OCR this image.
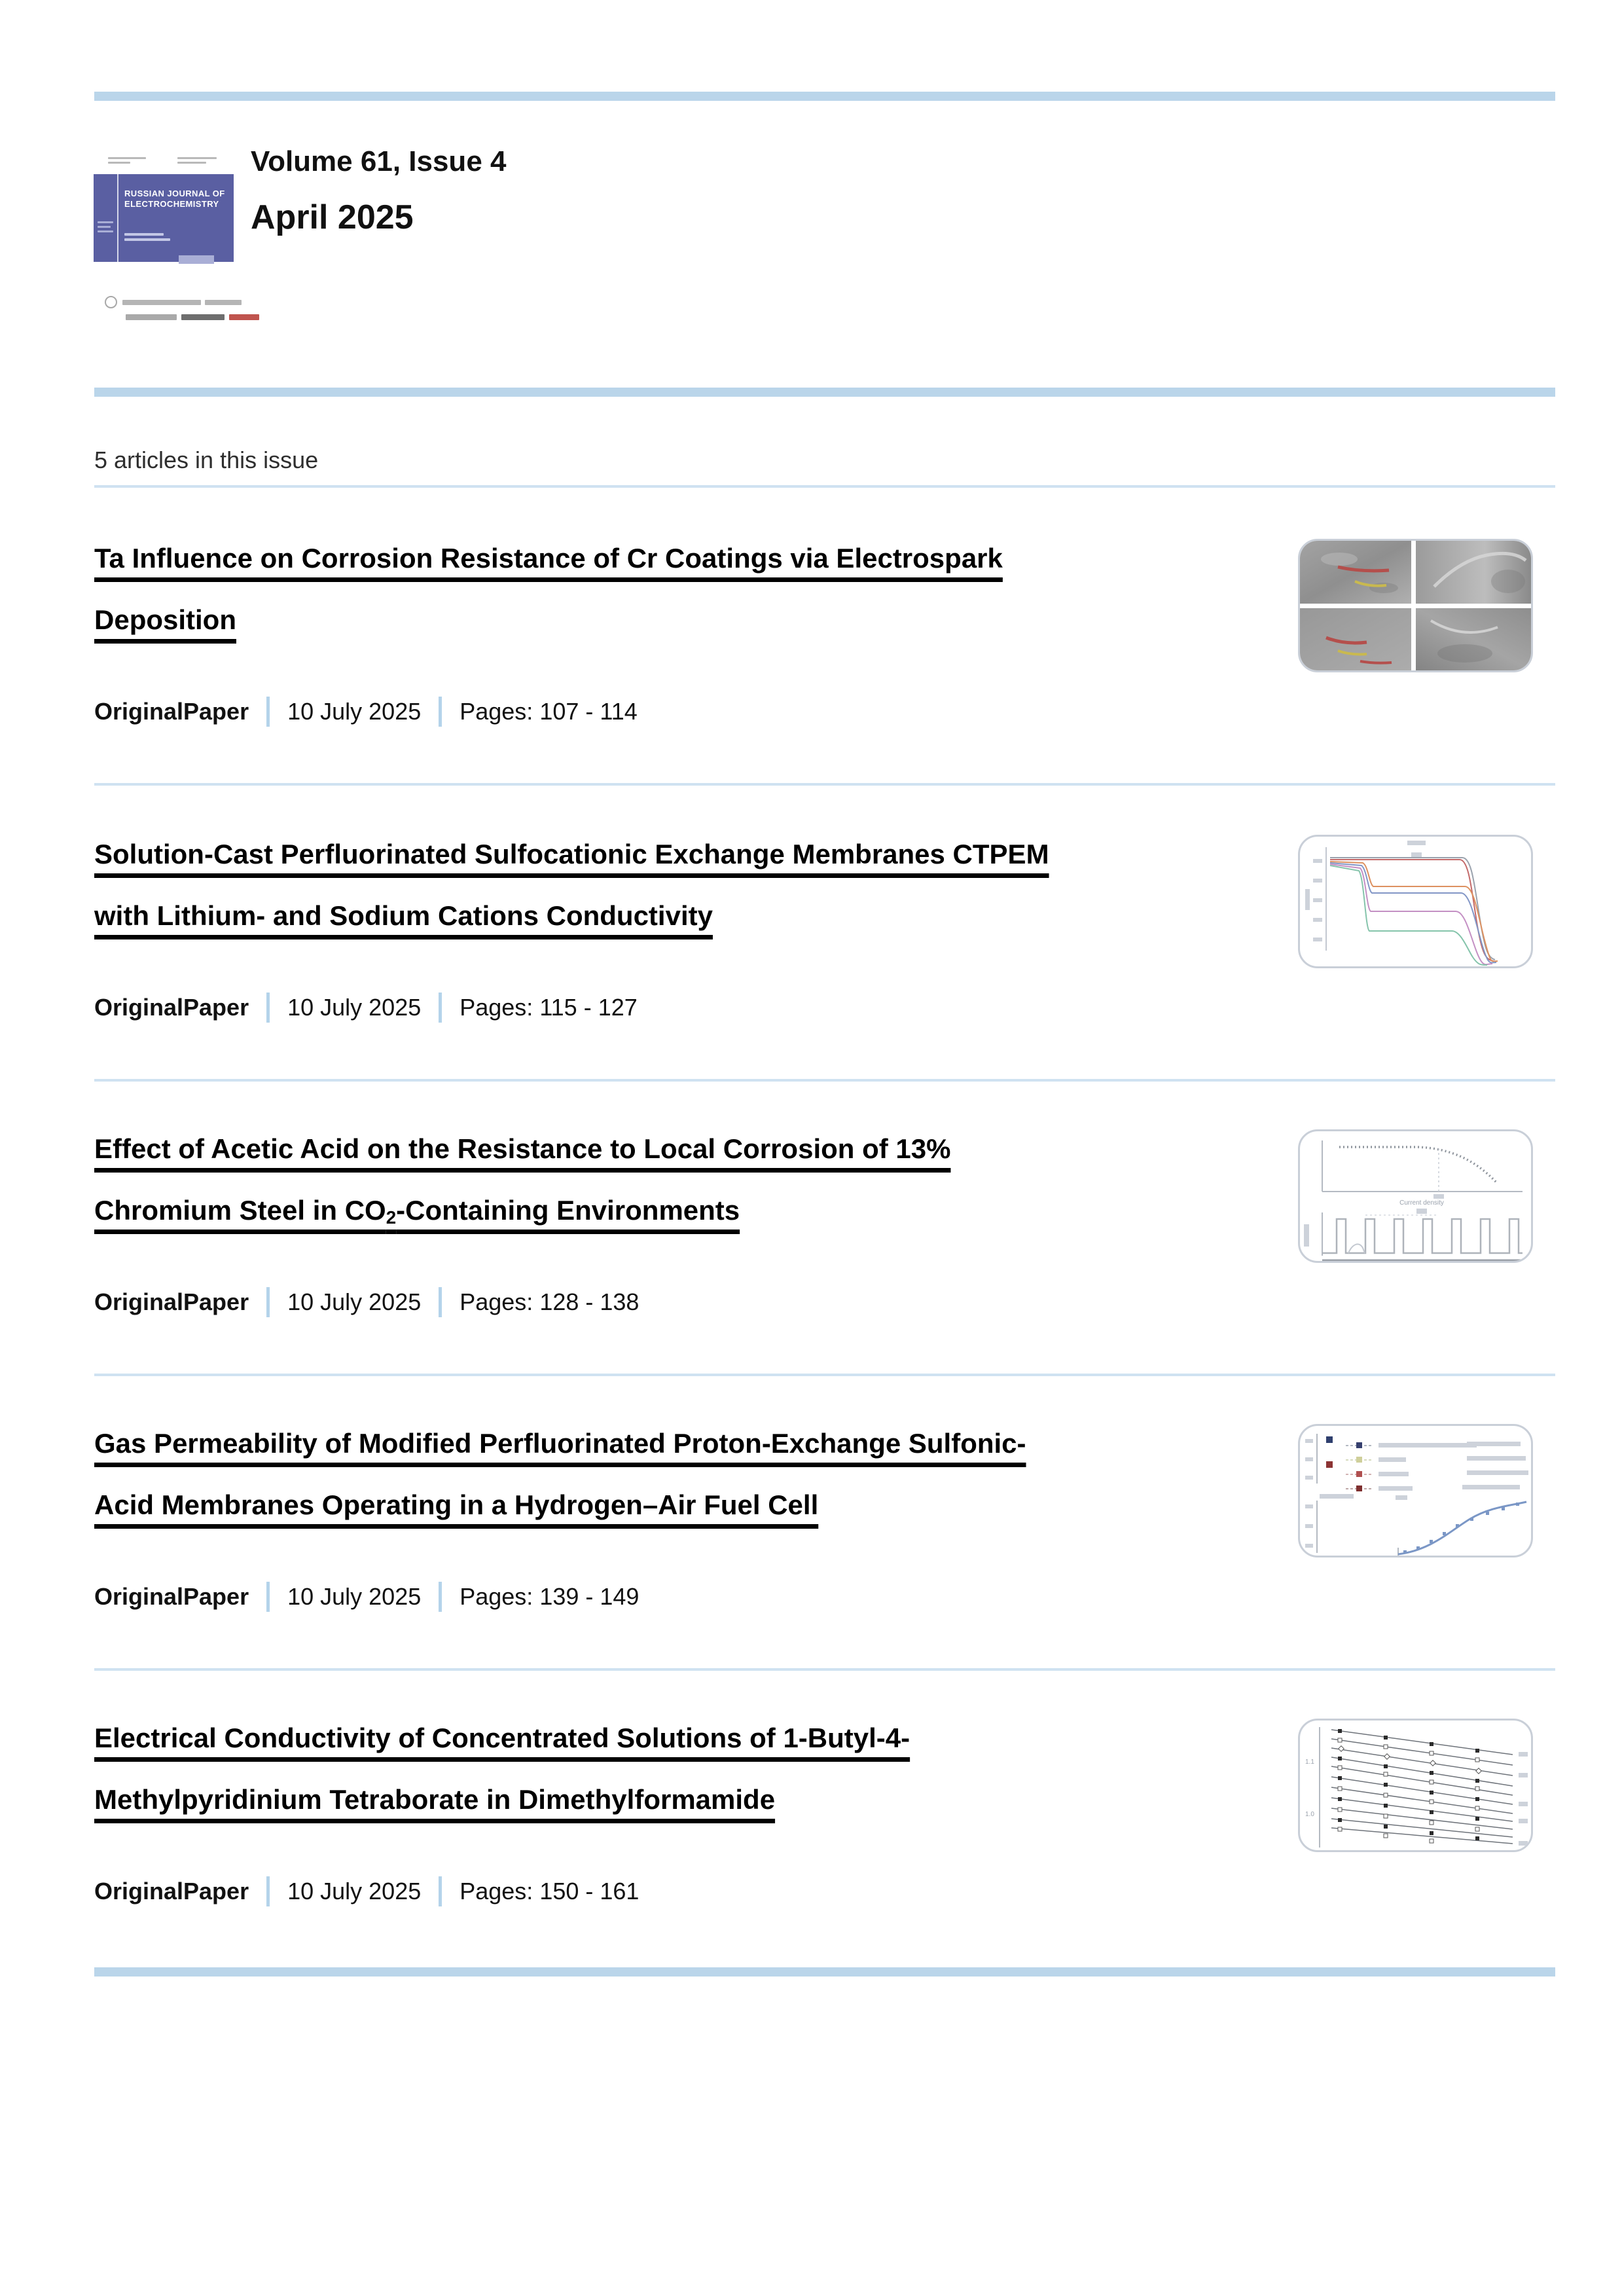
RUSSIAN JOURNAL OF ELECTROCHEMISTRY
Volume 61, Issue 4
April 2025
5 articles in this issue
Ta Influence on Corrosion Resistance of Cr Coatings via Electrospark
Deposition
OriginalPaper 10 July 2025 Pages: 107 - 114
Solution-Cast Perfluorinated Sulfocationic Exchange Membranes CTPEM
with Lithium- and Sodium Cations Conductivity
OriginalPaper 10 July 2025 Pages: 115 - 127
Effect of Acetic Acid on the Resistance to Local Corrosion of 13%
Chromium Steel in $CO_2$-Containing Environments
OriginalPaper 10 July 2025 Pages: 128 - 138
Current density
Gas Permeability of Modified Perfluorinated Proton-Exchange Sulfonic-
Acid Membranes Operating in a Hydrogen–Air Fuel Cell
OriginalPaper 10 July 2025 Pages: 139 - 149
Electrical Conductivity of Concentrated Solutions of 1-Butyl-4-
Methylpyridinium Tetraborate in Dimethylformamide
OriginalPaper 10 July 2025 Pages: 150 - 161
1.1
1.0
